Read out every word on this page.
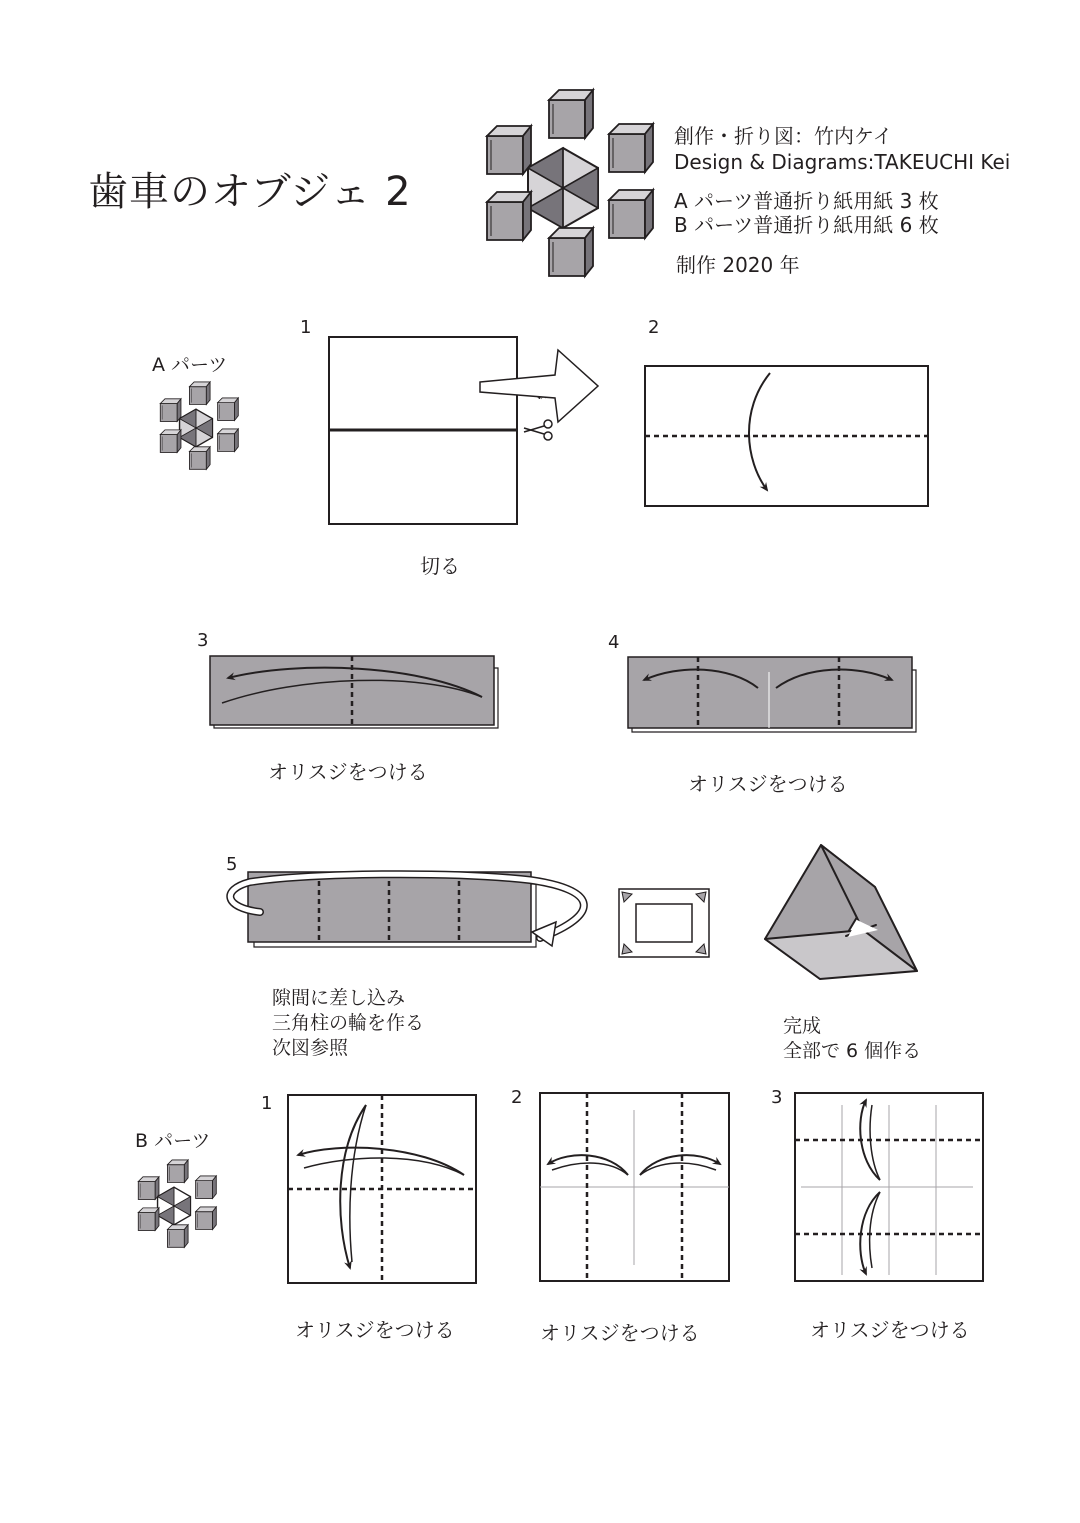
歯車のオブジェ 2
創作・折り図：竹内ケイ
Design & Diagrams:TAKEUCHI Kei
A パーツ普通折り紙用紙 3 枚
B パーツ普通折り紙用紙 6 枚
制作 2020 年
A パーツ
1	2
3	4
5
切る
オリスジをつける	オリスジをつける
隙間に差し込み
三角柱の輪を作る
次図参照
完成
全部で 6 個作る
B パーツ
1	2	3
オリスジをつける	オリスジをつける	オリスジをつける
